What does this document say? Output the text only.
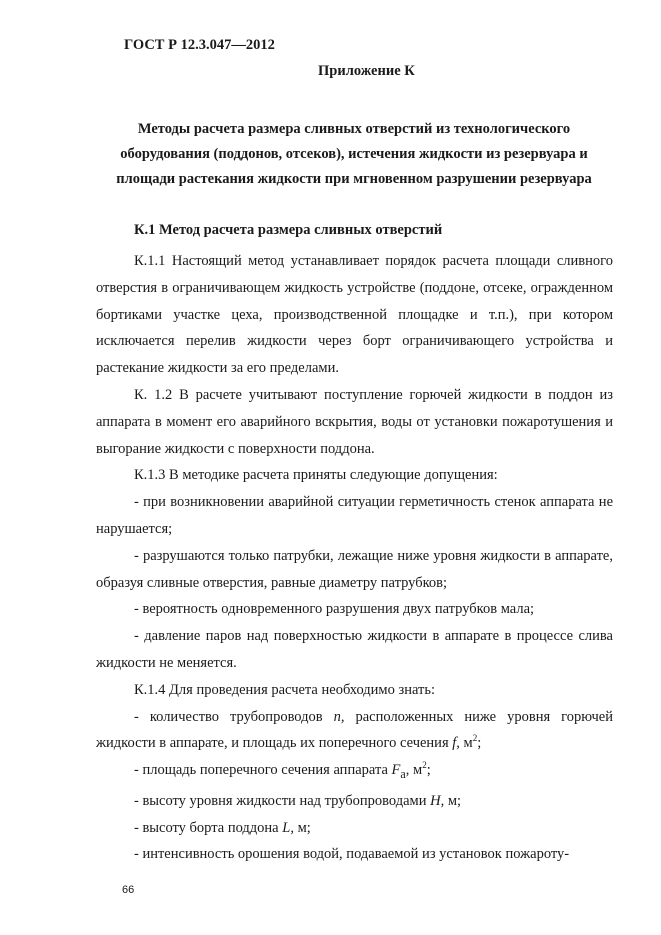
ГОСТ Р 12.3.047—2012
Приложение К
Методы расчета размера сливных отверстий из технологического
оборудования (поддонов, отсеков), истечения жидкости из резервуара и
площади растекания жидкости при мгновенном разрушении резервуара
К.1 Метод расчета размера сливных отверстий

К.1.1 Настоящий метод устанавливает порядок расчета площади сливного отверстия в ограничивающем жидкость устройстве (поддоне, отсеке, огражденном бортиками участке цеха, производственной площадке и т.п.), при котором исключается перелив жидкости через борт ограничивающего устройства и растекание жидкости за его пределами.

К. 1.2 В расчете учитывают поступление горючей жидкости в поддон из аппарата в момент его аварийного вскрытия, воды от установки пожаротушения и выгорание жидкости с поверхности поддона.

К.1.3 В методике расчета приняты следующие допущения:

- при возникновении аварийной ситуации герметичность стенок аппарата не нарушается;

- разрушаются только патрубки, лежащие ниже уровня жидкости в аппарате, образуя сливные отверстия, равные диаметру патрубков;

- вероятность одновременного разрушения двух патрубков мала;

- давление паров над поверхностью жидкости в аппарате в процессе слива жидкости не меняется.

К.1.4 Для проведения расчета необходимо знать:

- количество трубопроводов n, расположенных ниже уровня горючей жидкости в аппарате, и площадь их поперечного сечения f, $м^2$;

- площадь поперечного сечения аппарата $F_a$, $м^2$;

- высоту уровня жидкости над трубопроводами H, м;

- высоту борта поддона L, м;

- интенсивность орошения водой, подаваемой из установок пожароту-

66
